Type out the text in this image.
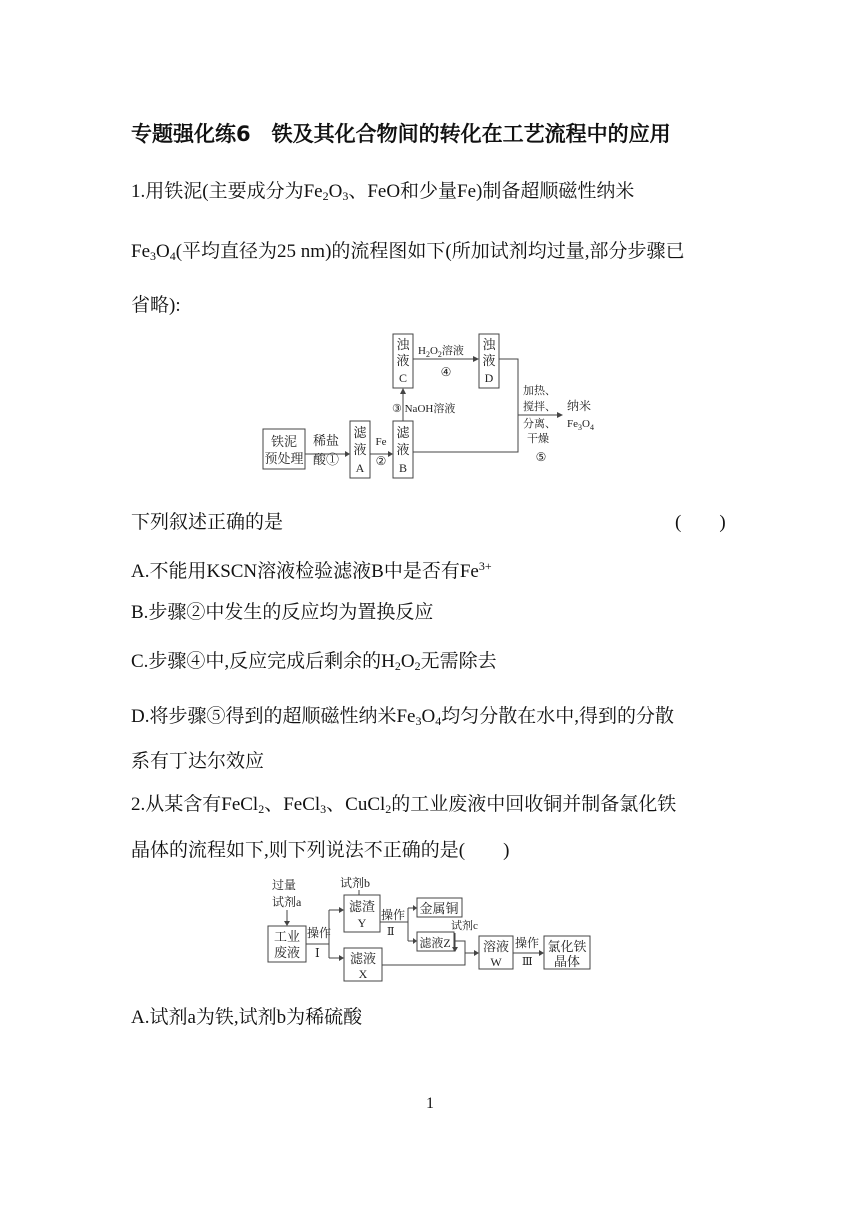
专题强化练6　铁及其化合物间的转化在工艺流程中的应用
1.用铁泥(主要成分为$Fe_2O_3$、FeO和少量Fe)制备超顺磁性纳米
$Fe_3O_4$(平均直径为25 nm)的流程图如下(所加试剂均过量,部分步骤已
省略):
铁泥
预处理
稀盐
酸①
滤
液
A
Fe
②
滤
液
B
③ NaOH溶液
浊
液
C
$H_2O_2$溶液
④
浊
液
D
加热、
搅拌、
分离、
干燥
⑤
纳米
$Fe_3O_4$
下列叙述正确的是	(　　)
A.不能用KSCN溶液检验滤液B中是否有$Fe^{3+}$
B.步骤②中发生的反应均为置换反应
C.步骤④中,反应完成后剩余的$H_2O_2$无需除去
D.将步骤⑤得到的超顺磁性纳米$Fe_3O_4$均匀分散在水中,得到的分散
系有丁达尔效应
2.从某含有FeCl$_2$、FeCl$_3$、CuCl$_2$的工业废液中回收铜并制备氯化铁
晶体的流程如下,则下列说法不正确的是(　　)
过量
试剂a
工业
废液
操作
Ⅰ
试剂b
滤渣
Y
操作
Ⅱ
金属铜
滤液Z
试剂c
滤液
X
溶液
W
操作
Ⅲ
氯化铁
晶体
A.试剂a为铁,试剂b为稀硫酸
1
